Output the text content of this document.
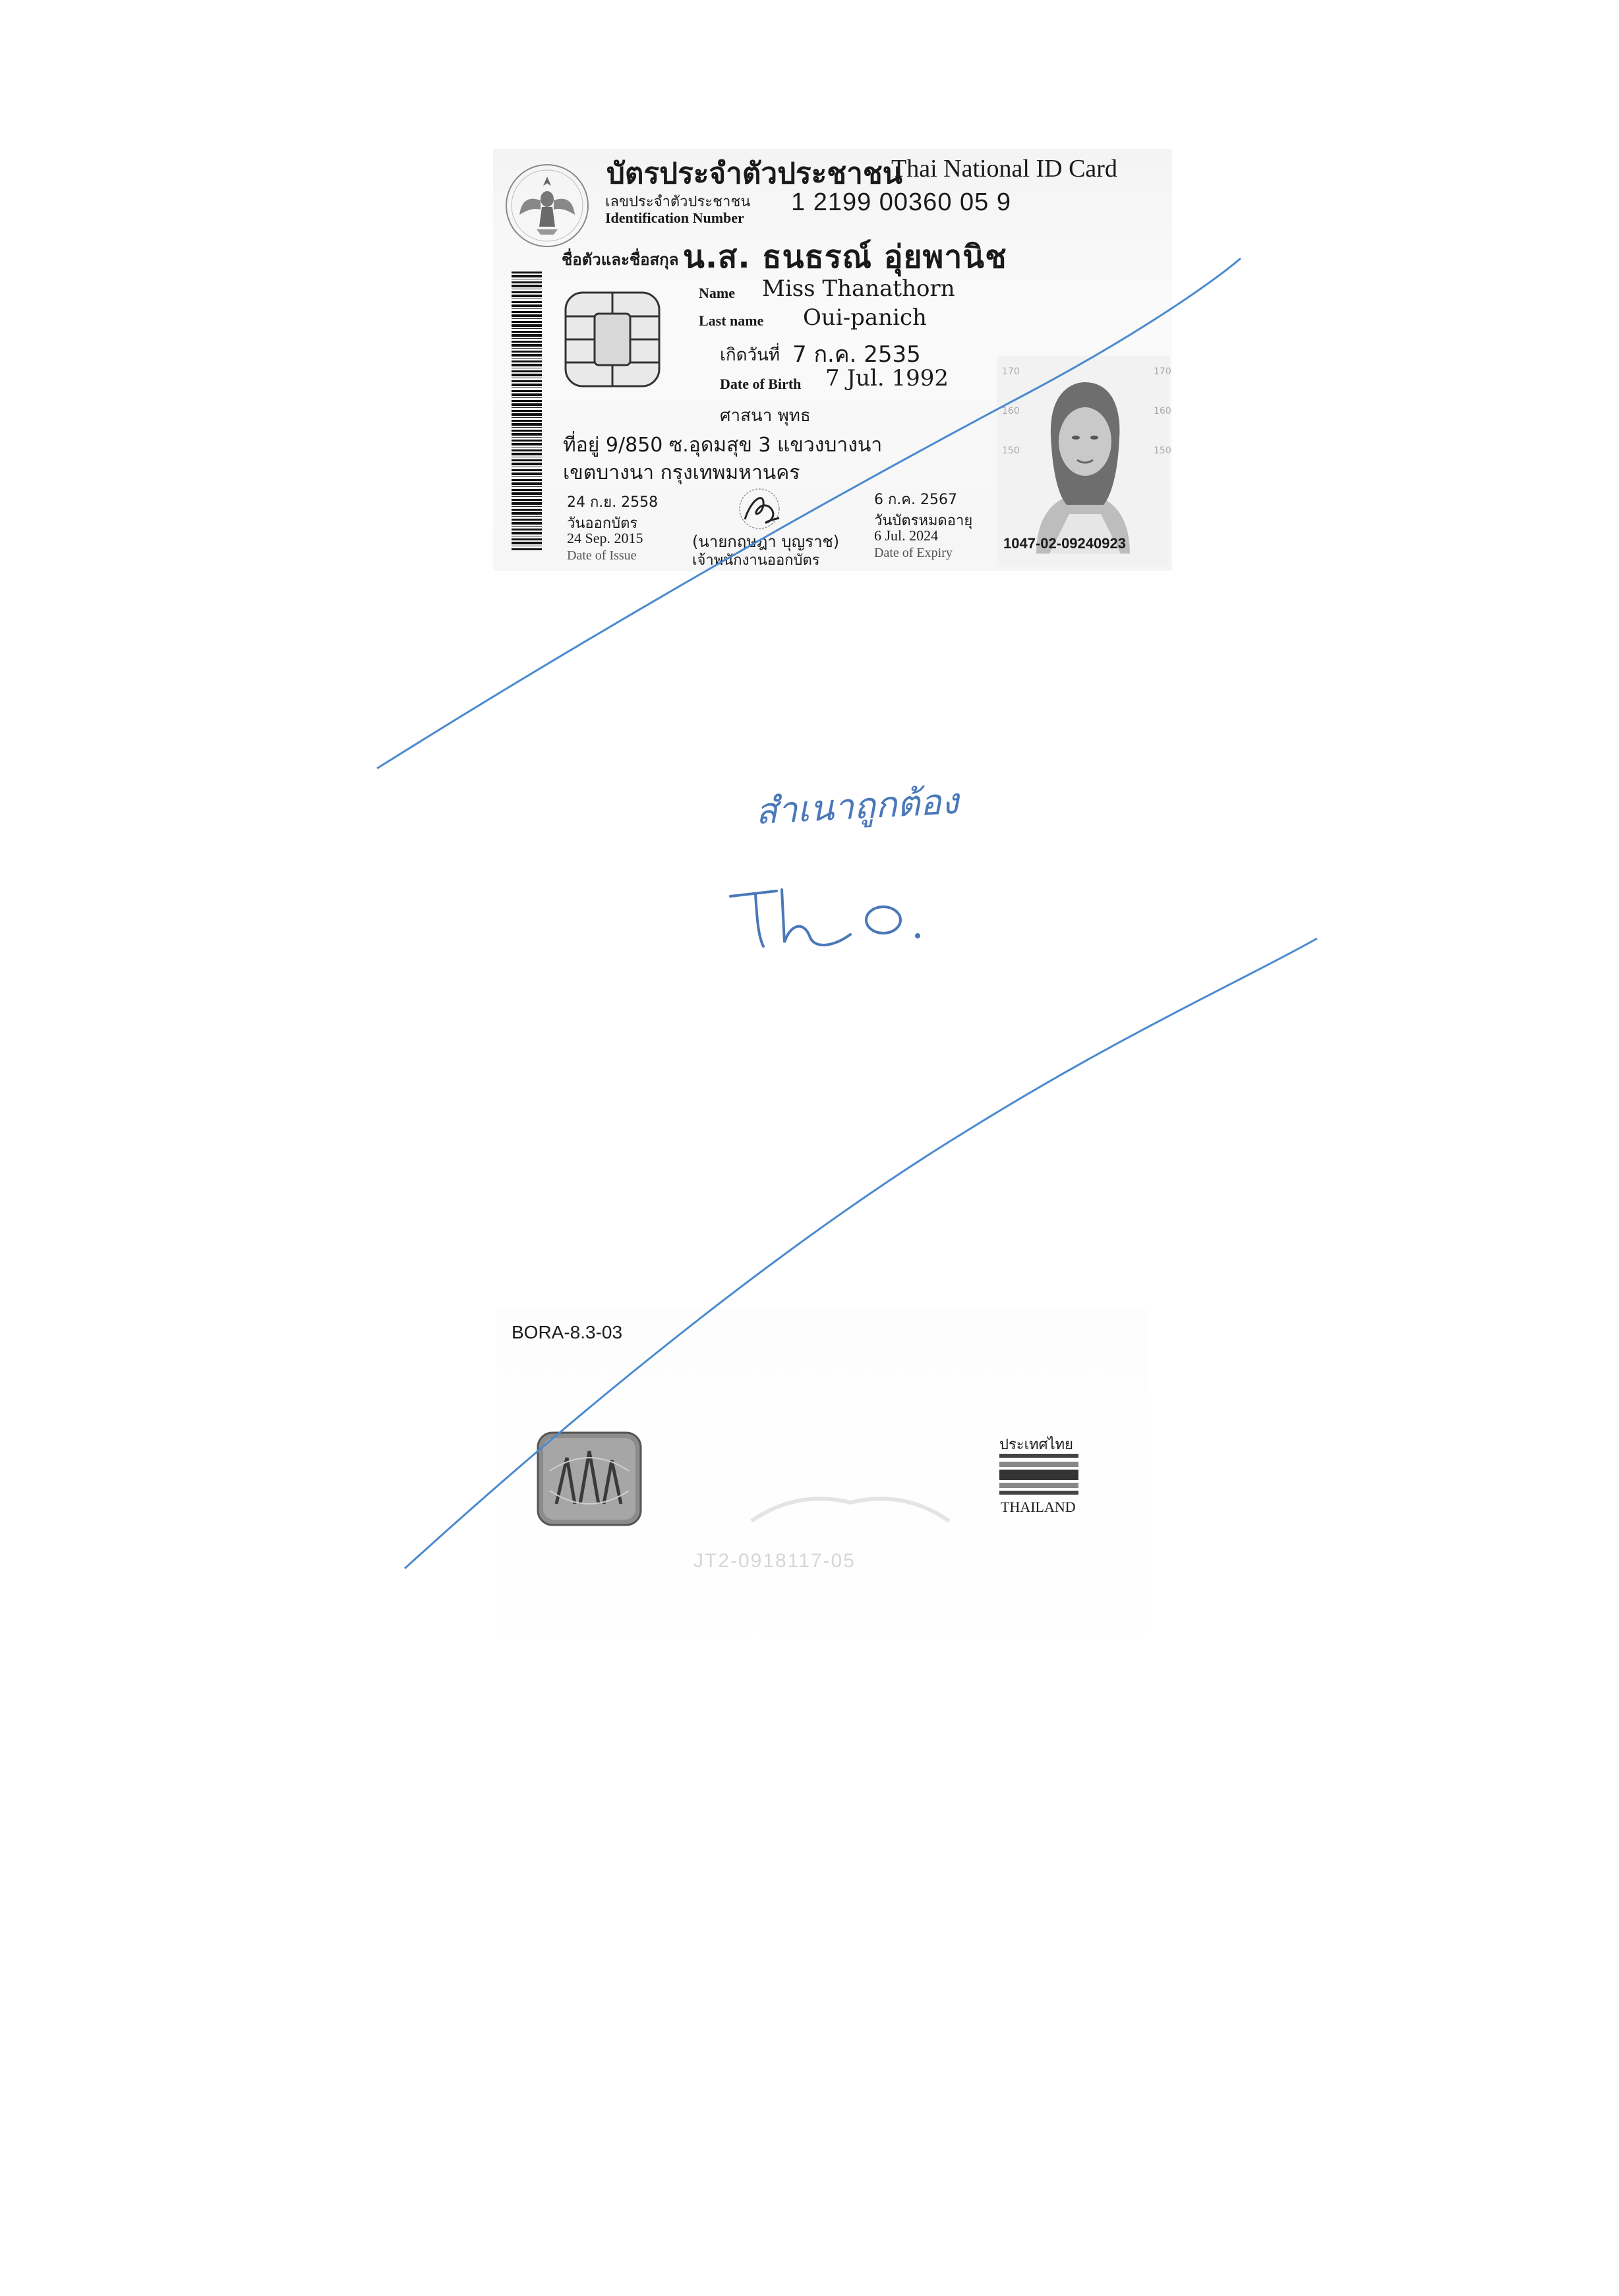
บัตรประจำตัวประชาชน
Thai National ID Card
เลขประจำตัวประชาชน
Identification Number
1 2199 00360 05 9
ชื่อตัวและชื่อสกุล น.ส. ธนธรณ์ อุ่ยพานิช
Name Miss Thanathorn
Last name Oui-panich
เกิดวันที่ 7 ก.ค. 2535
Date of Birth 7 Jul. 1992
ศาสนา พุทธ
ที่อยู่ 9/850 ซ.อุดมสุข 3 แขวงบางนา
เขตบางนา กรุงเทพมหานคร
24 ก.ย. 2558
วันออกบัตร
24 Sep. 2015
Date of Issue
(นายกฤษฎา บุญราช)
เจ้าพนักงานออกบัตร
6 ก.ค. 2567
วันบัตรหมดอายุ
6 Jul. 2024
Date of Expiry
170	170
160	160
150	150
1047-02-09240923
BORA-8.3-03
JT2-0918117-05
ประเทศไทย
THAILAND
สำเนาถูกต้อง
